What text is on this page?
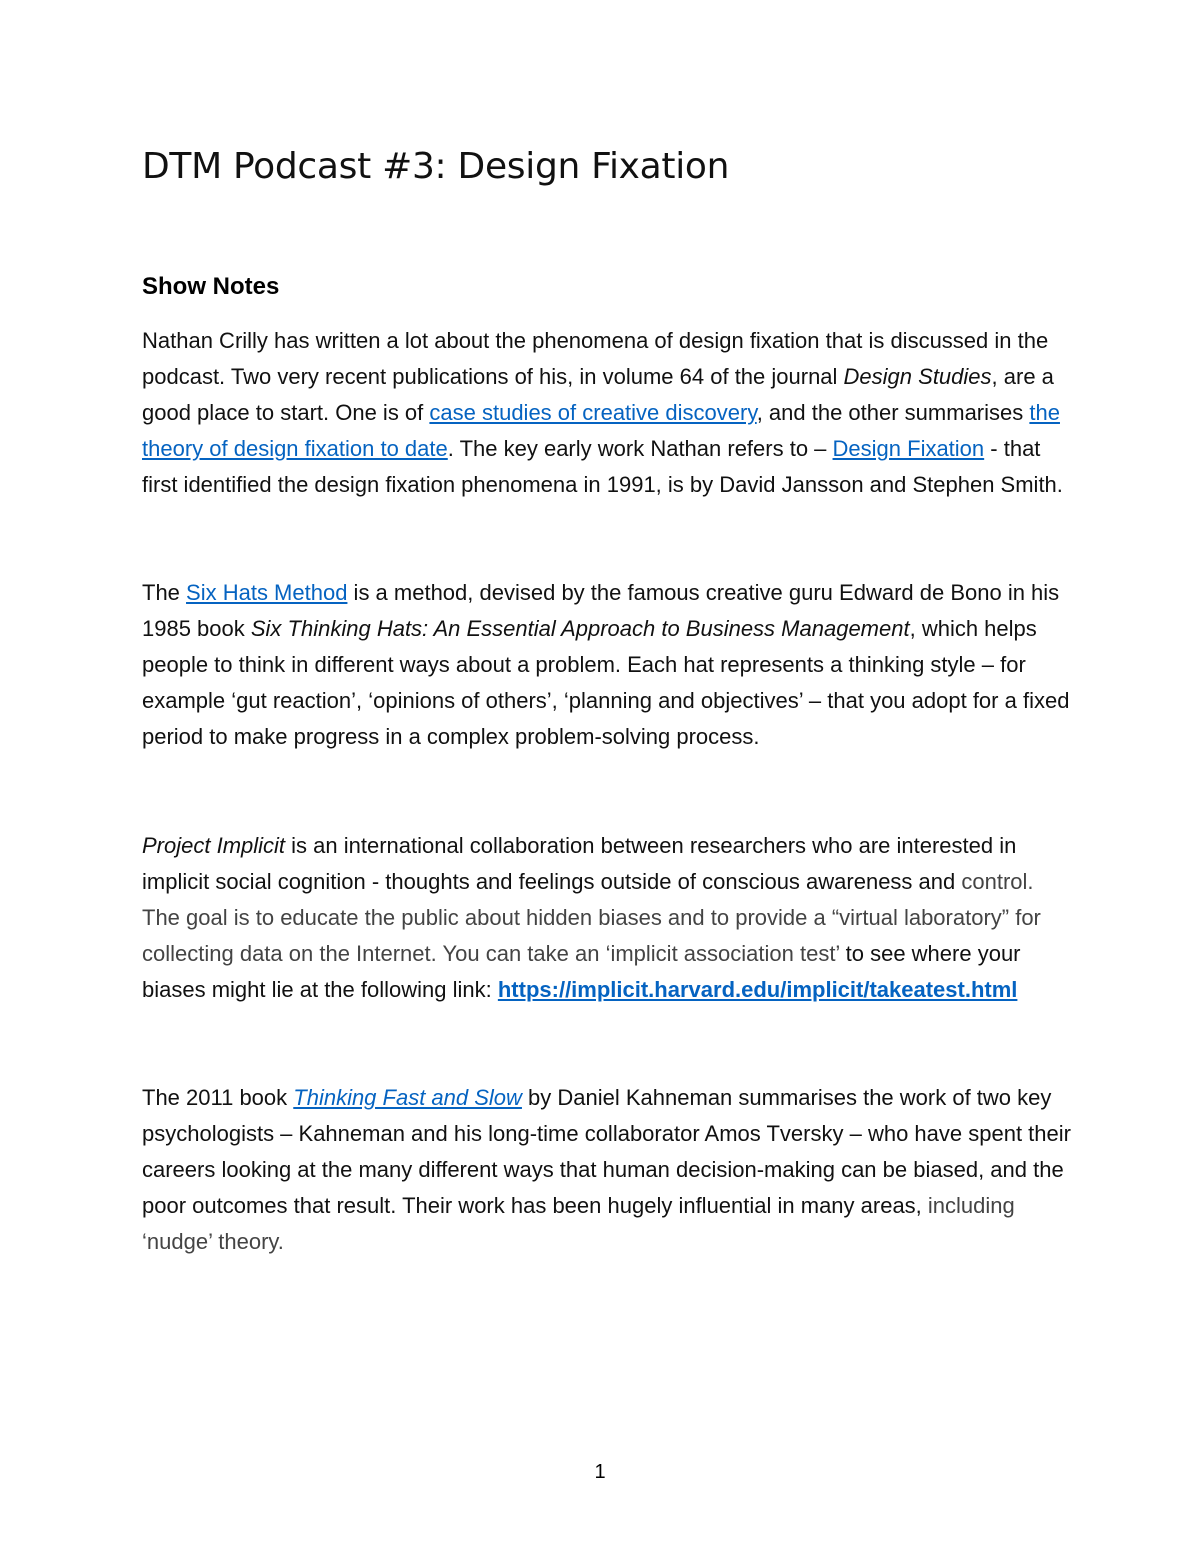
DTM Podcast #3: Design Fixation
Show Notes

Nathan Crilly has written a lot about the phenomena of design fixation that is discussed in the podcast. Two very recent publications of his, in volume 64 of the journal Design Studies, are a good place to start. One is of case studies of creative discovery, and the other summarises the theory of design fixation to date. The key early work Nathan refers to – Design Fixation - that first identified the design fixation phenomena in 1991, is by David Jansson and Stephen Smith.

The Six Hats Method is a method, devised by the famous creative guru Edward de Bono in his 1985 book Six Thinking Hats: An Essential Approach to Business Management, which helps people to think in different ways about a problem. Each hat represents a thinking style – for example ‘gut reaction’, ‘opinions of others’, ‘planning and objectives’ – that you adopt for a fixed period to make progress in a complex problem-solving process.

Project Implicit is an international collaboration between researchers who are interested in implicit social cognition - thoughts and feelings outside of conscious awareness and control. The goal is to educate the public about hidden biases and to provide a “virtual laboratory” for collecting data on the Internet. You can take an ‘implicit association test’ to see where your biases might lie at the following link: https://implicit.harvard.edu/implicit/takeatest.html

The 2011 book Thinking Fast and Slow by Daniel Kahneman summarises the work of two key psychologists – Kahneman and his long-time collaborator Amos Tversky – who have spent their careers looking at the many different ways that human decision-making can be biased, and the poor outcomes that result. Their work has been hugely influential in many areas, including ‘nudge’ theory.

1
